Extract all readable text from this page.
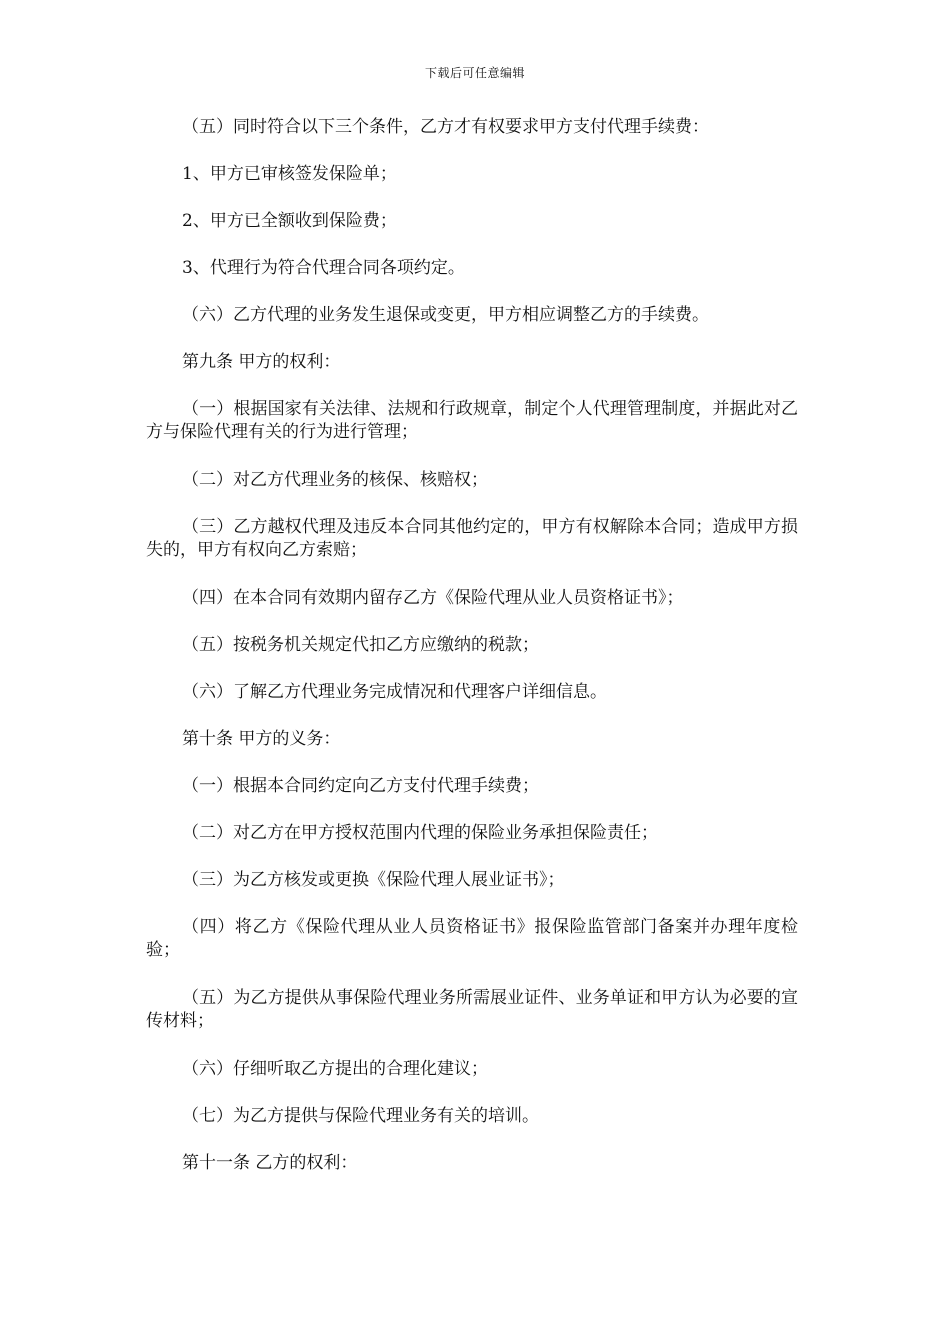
下载后可任意编辑

（五）同时符合以下三个条件，乙方才有权要求甲方支付代理手续费：

1、甲方已审核签发保险单；

2、甲方已全额收到保险费；

3、代理行为符合代理合同各项约定。

（六）乙方代理的业务发生退保或变更，甲方相应调整乙方的手续费。

第九条 甲方的权利：

（一）根据国家有关法律、法规和行政规章，制定个人代理管理制度，并据此对乙方与保险代理有关的行为进行管理；

（二）对乙方代理业务的核保、核赔权；

（三）乙方越权代理及违反本合同其他约定的，甲方有权解除本合同；造成甲方损失的，甲方有权向乙方索赔；

（四）在本合同有效期内留存乙方《保险代理从业人员资格证书》；

（五）按税务机关规定代扣乙方应缴纳的税款；

（六）了解乙方代理业务完成情况和代理客户详细信息。

第十条 甲方的义务：

（一）根据本合同约定向乙方支付代理手续费；

（二）对乙方在甲方授权范围内代理的保险业务承担保险责任；

（三）为乙方核发或更换《保险代理人展业证书》；

（四）将乙方《保险代理从业人员资格证书》报保险监管部门备案并办理年度检验；

（五）为乙方提供从事保险代理业务所需展业证件、业务单证和甲方认为必要的宣传材料；

（六）仔细听取乙方提出的合理化建议；

（七）为乙方提供与保险代理业务有关的培训。

第十一条 乙方的权利：
